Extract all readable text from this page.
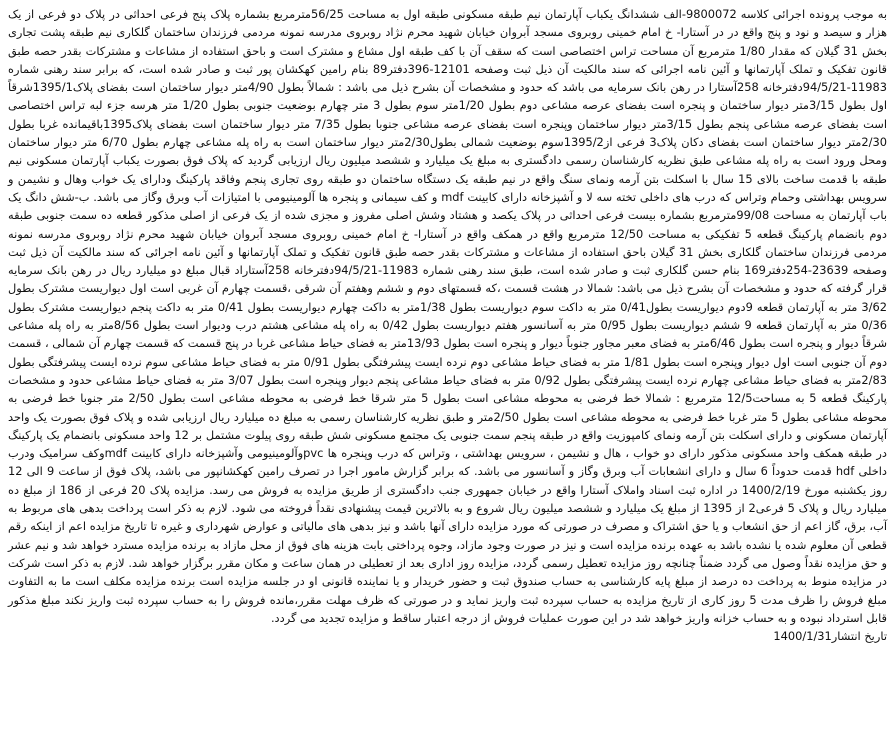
به موجب پرونده اجرائی کلاسه 9800072-الف ششدانگ یکباب آپارتمان نیم طبقه مسکونی طبقه اول به مساحت 56/25مترمربع بشماره پلاک پنج فرعی احداثی در پلاک دو فرعی از یک هزار و سیصد و نود و پنج واقع در در آستارا- خ امام خمینی روبروی مسجد آبروان خیابان شهید محرم نژاد روبروی مدرسه نمونه مردمی فرزندان ساختمان گلکاری نیم طبقه پشت تجاری بخش 31 گیلان که مقدار 1/80 مترمربع آن مساحت تراس اختصاصی است که سقف آن با کف طبقه اول مشاع و مشترک است و باحق استفاده از مشاعات و مشترکات بقدر حصه طبق قانون تفکیک و تملک آپارتمانها و آئین نامه اجرائی که سند مالکیت آن ذیل ثبت وصفحه 12101-396دفتر89 بنام رامین کهکشان پور ثبت و صادر شده است، که برابر سند رهنی شماره 11983-94/5/21دفترخانه 258آستارا در رهن بانک سرمایه می باشد که حدود و مشخصات آن بشرح ذیل می باشد : شمالاً بطول 4/90متر دیوار ساختمان است بفضای پلاک1395/1شرقاً اول بطول 3/15متر دیوار ساختمان و پنجره است بفضای عرصه مشاعی دوم بطول 1/20متر سوم بطول 3 متر چهارم بوضعیت جنوبی بطول 1/20 متر هرسه جزء لبه تراس اختصاصی است بفضای عرصه مشاعی پنجم بطول 3/15متر دیوار ساختمان وپنجره است بفضای عرصه مشاعی جنوبا بطول 7/35 متر دیوار ساختمان است بفضای پلاک1395باقیمانده غربا بطول 2/30متر دیوار ساختمان است بفضای دکان پلاک3 فرعی از1395/2سوم بوضعیت شمالی بطول2/30متر دیوار ساختمان است به راه پله مشاعی چهارم بطول 6/70 متر دیوار ساختمان ومحل ورود است به راه پله مشاعی طبق نظریه کارشناسان رسمی دادگستری به مبلغ یک میلیارد و ششصد میلیون ریال ارزیابی گردید که پلاک فوق بصورت یکباب آپارتمان مسکونی نیم طبقه با قدمت ساخت بالای 15 سال با اسکلت بتن آرمه ونمای سنگ واقع در نیم طبقه یک دستگاه ساختمان دو طبقه روی تجاری پنجم وفاقد پارکینگ ودارای یک خواب وهال و نشیمن و سرویس بهداشتی وحمام وتراس که درب های داخلی تخته سه لا و آشپزخانه دارای کابینت mdf و کف سیمانی و پنجره ها آلومینیومی با امتیازات آب وبرق وگاز می باشد. ب-شش دانگ یک باب آپارتمان به مساحت 99/08مترمربع بشماره بیست فرعی احداثی در پلاک یکصد و هشتاد وشش اصلی مفروز و مجزی شده از یک فرعی از اصلی مذکور قطعه ده سمت جنوبی طبقه دوم بانضمام پارکینگ قطعه 5 تفکیکی به مساحت 12/50 مترمربع واقع در همکف واقع در آستارا- خ امام خمینی روبروی مسجد آبروان خیابان شهید محرم نژاد روبروی مدرسه نمونه مردمی فرزندان ساختمان گلکاری بخش 31 گیلان باحق استفاده از مشاعات و مشترکات بقدر حصه طبق قانون تفکیک و تملک آپارتمانها و آئین نامه اجرائی که سند مالکیت آن ذیل ثبت وصفحه 23639-254دفتر169 بنام حسن گلکاری ثبت و صادر شده است، طبق سند رهنی شماره 11983-94/5/21دفترخانه 258آستاراد قبال مبلغ دو میلیارد ریال در رهن بانک سرمایه قرار گرفته که حدود و مشخصات آن بشرح ذیل می باشد: شمالا در هشت قسمت ،که قسمتهای دوم و ششم وهفتم آن شرقی ،قسمت چهارم آن غربی است اول دیواریست مشترک بطول 3/62 متر به آپارتمان قطعه 9دوم دیواریست بطول0/41 متر به داکت سوم دیواریست بطول 1/38متر به داکت چهارم دیواریست بطول 0/41 متر به داکت پنجم دیواریست مشترک بطول 0/36 متر به آپارتمان قطعه 9 ششم دیواریست بطول 0/95 متر به آسانسور هفتم دیواریست بطول 0/42 به راه پله مشاعی هشتم درب ودیوار است بطول 8/56متر به راه پله مشاعی شرقاً دیوار و پنجره است بطول 6/46متر به فضای معبر مجاور جنوباً دیوار و پنجره است بطول 13/93متر به فضای حیاط مشاعی غربا در پنج قسمت که قسمت چهارم آن شمالی ، قسمت دوم آن جنوبی است اول دیوار وپنجره است بطول 1/81 متر به فضای حیاط مشاعی دوم نرده ایست پیشرفتگی بطول 0/91 متر به فضای حیاط مشاعی سوم نرده ایست پیشرفتگی بطول 2/83متر به فضای حیاط مشاعی چهارم نرده ایست پیشرفتگی بطول 0/92 متر به فضای حیاط مشاعی پنجم دیوار وپنجره است بطول 3/07 متر به فضای حیاط مشاعی حدود و مشخصات پارکینگ قطعه 5 به مساحت12/5 مترمربع : شمالا خط فرضی به محوطه مشاعی است بطول 5 متر شرقا خط فرضی به محوطه مشاعی است بطول 2/50 متر جنوبا خط فرضی به محوطه مشاعی بطول 5 متر غربا خط فرضی به محوطه مشاعی است بطول 2/50متر و طبق نظریه کارشناسان رسمی به مبلغ ده میلیارد ریال ارزیابی شده و پلاک فوق بصورت یک واحد آپارتمان مسکونی و دارای اسکلت بتن آرمه ونمای کامپوزیت واقع در طبقه پنجم سمت جنوبی یک مجتمع مسکونی شش طبقه روی پیلوت مشتمل بر 12 واحد مسکونی بانضمام یک پارکینگ در طبقه همکف واحد مسکونی مذکور دارای دو خواب ، هال و نشیمن ، سرویس بهداشتی ، وتراس که درب وپنجره ها pvcوآلومینیومی وآشپزخانه دارای کابینت mdfوکف سرامیک ودرب داخلی hdf قدمت حدوداً 6 سال و دارای انشعابات آب وبرق وگاز و آسانسور می باشد. که برابر گزارش مامور اجرا در تصرف رامین کهکشانپور می باشد، پلاک فوق از ساعت 9 الی 12 روز یکشنبه مورخ 1400/2/19 در اداره ثبت اسناد واملاک آستارا واقع در خیابان جمهوری جنب دادگستری از طریق مزایده به فروش می رسد. مزایده پلاک 20 فرعی از 186 از مبلغ ده میلیارد ریال و پلاک 5 فرعی2 از 1395 از مبلغ یک میلیارد و ششصد میلیون ریال شروع و به بالاترین قیمت پیشنهادی نقداً فروخته می شود. لازم به ذکر است پرداخت بدهی های مربوط به آب، برق، گاز اعم از حق انشعاب و یا حق اشتراک و مصرف در صورتی که مورد مزایده دارای آنها باشد و نیز بدهی های مالیاتی و عوارض شهرداری و غیره تا تاریخ مزایده اعم از اینکه رقم قطعی آن معلوم شده یا نشده باشد به عهده برنده مزایده است و نیز در صورت وجود مازاد، وجوه پرداختی بابت هزینه های فوق از محل مازاد به برنده مزایده مسترد خواهد شد و نیم عشر و حق مزایده نقداً وصول می گردد ضمناً چنانچه روز مزایده تعطیل رسمی گردد، مزایده روز اداری بعد از تعطیلی در همان ساعت و مکان مقرر برگزار خواهد شد. لازم به ذکر است شرکت در مزایده منوط به پرداخت ده درصد از مبلغ پایه کارشناسی به حساب صندوق ثبت و حضور خریدار و یا نماینده قانونی او در جلسه مزایده است برنده مزایده مکلف است ما به التفاوت مبلغ فروش را ظرف مدت 5 روز کاری از تاریخ مزایده به حساب سپرده ثبت واریز نماید و در صورتی که ظرف مهلت مقرر،مانده فروش را به حساب سپرده ثبت واریز نکند مبلغ مذکور قابل استرداد نبوده و به حساب خزانه واریز خواهد شد در این صورت عملیات فروش از درجه اعتبار ساقط و مزایده تجدید می گردد.

تاریخ انتشار1400/1/31
